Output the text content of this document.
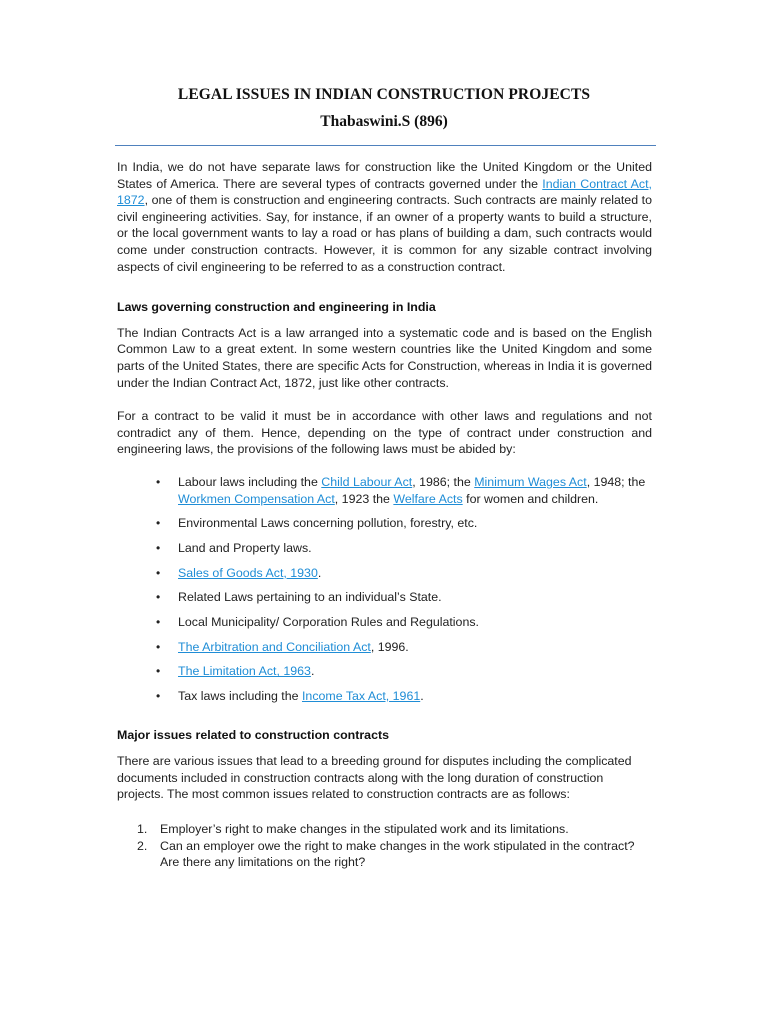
LEGAL ISSUES IN INDIAN CONSTRUCTION PROJECTS
Thabaswini.S (896)

In India, we do not have separate laws for construction like the United Kingdom or the United States of America. There are several types of contracts governed under the Indian Contract Act, 1872, one of them is construction and engineering contracts. Such contracts are mainly related to civil engineering activities. Say, for instance, if an owner of a property wants to build a structure, or the local government wants to lay a road or has plans of building a dam, such contracts would come under construction contracts. However, it is common for any sizable contract involving aspects of civil engineering to be referred to as a construction contract.

Laws governing construction and engineering in India

The Indian Contracts Act is a law arranged into a systematic code and is based on the English Common Law to a great extent. In some western countries like the United Kingdom and some parts of the United States, there are specific Acts for Construction, whereas in India it is governed under the Indian Contract Act, 1872, just like other contracts.

For a contract to be valid it must be in accordance with other laws and regulations and not contradict any of them. Hence, depending on the type of contract under construction and engineering laws, the provisions of the following laws must be abided by:

• Labour laws including the Child Labour Act, 1986; the Minimum Wages Act, 1948; the Workmen Compensation Act, 1923 the Welfare Acts for women and children.
• Environmental Laws concerning pollution, forestry, etc.
• Land and Property laws.
• Sales of Goods Act, 1930.
• Related Laws pertaining to an individual’s State.
• Local Municipality/ Corporation Rules and Regulations.
• The Arbitration and Conciliation Act, 1996.
• The Limitation Act, 1963.
• Tax laws including the Income Tax Act, 1961.
Major issues related to construction contracts

There are various issues that lead to a breeding ground for disputes including the complicated documents included in construction contracts along with the long duration of construction projects. The most common issues related to construction contracts are as follows:

1. Employer’s right to make changes in the stipulated work and its limitations.
2. Can an employer owe the right to make changes in the work stipulated in the contract? Are there any limitations on the right?
